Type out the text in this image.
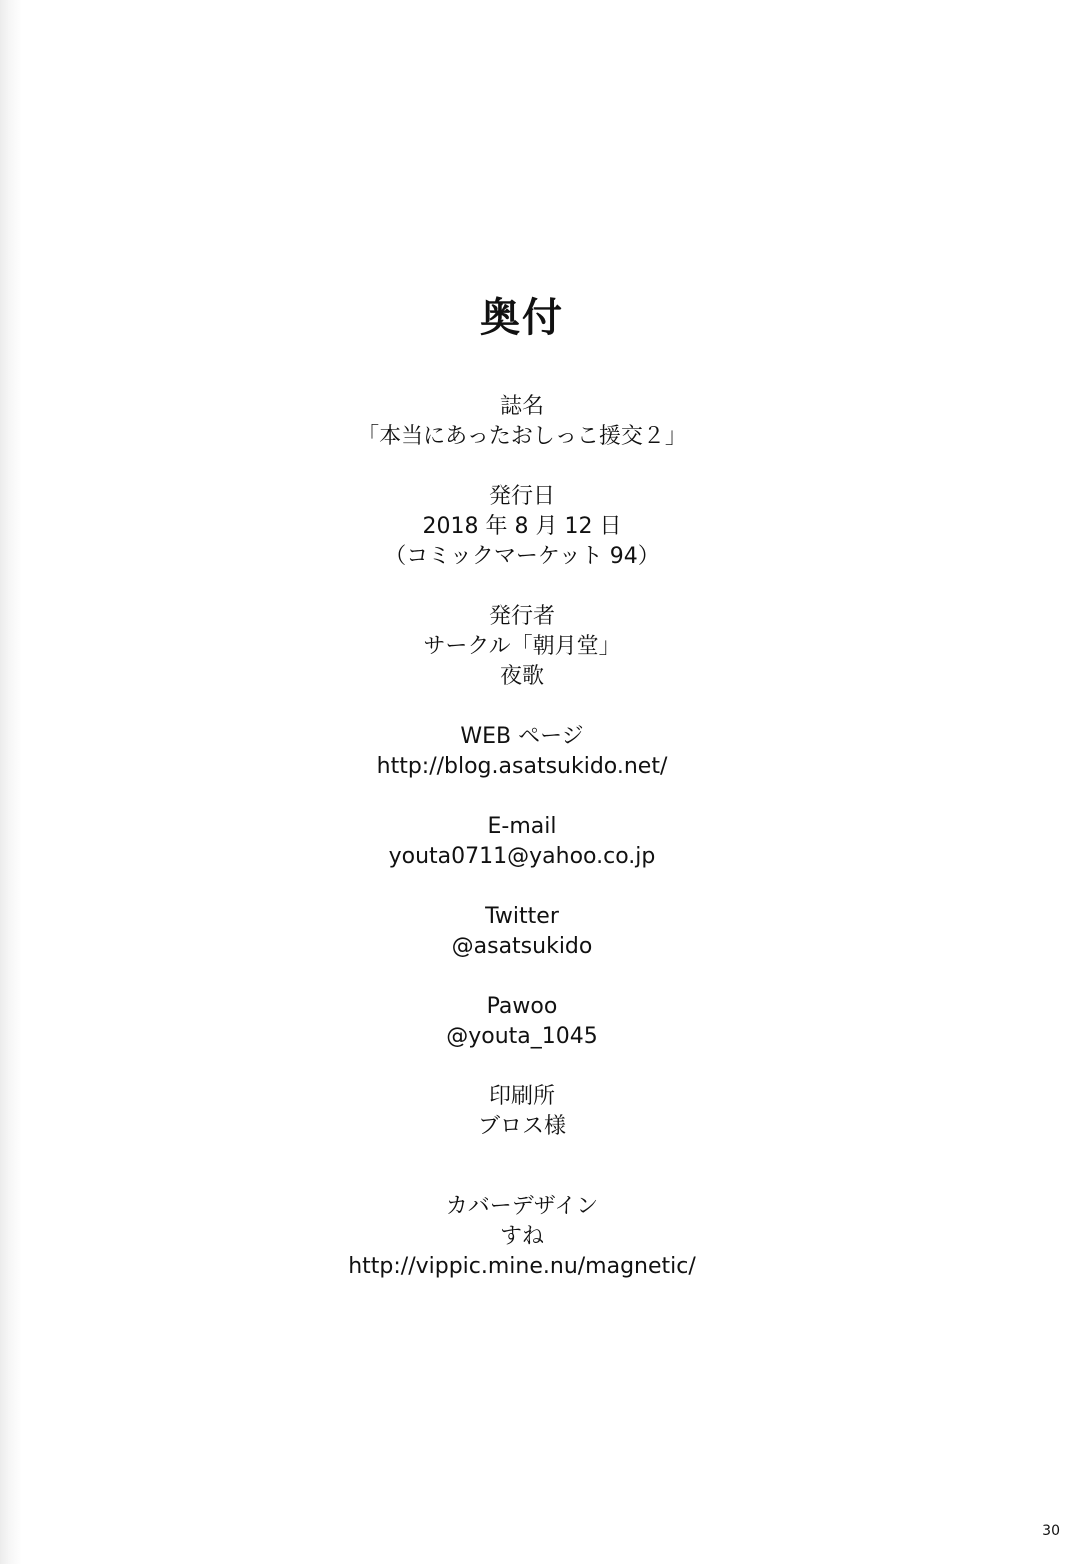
奥付
誌名
「本当にあったおしっこ援交２」
発行日
2018 年 8 月 12 日
（コミックマーケット 94）
発行者
サークル「朝月堂」
夜歌
WEB ページ
http://blog.asatsukido.net/
E-mail
youta0711@yahoo.co.jp
Twitter
@asatsukido
Pawoo
@youta_1045
印刷所
ブロス様
カバーデザイン
すね
http://vippic.mine.nu/magnetic/
30
